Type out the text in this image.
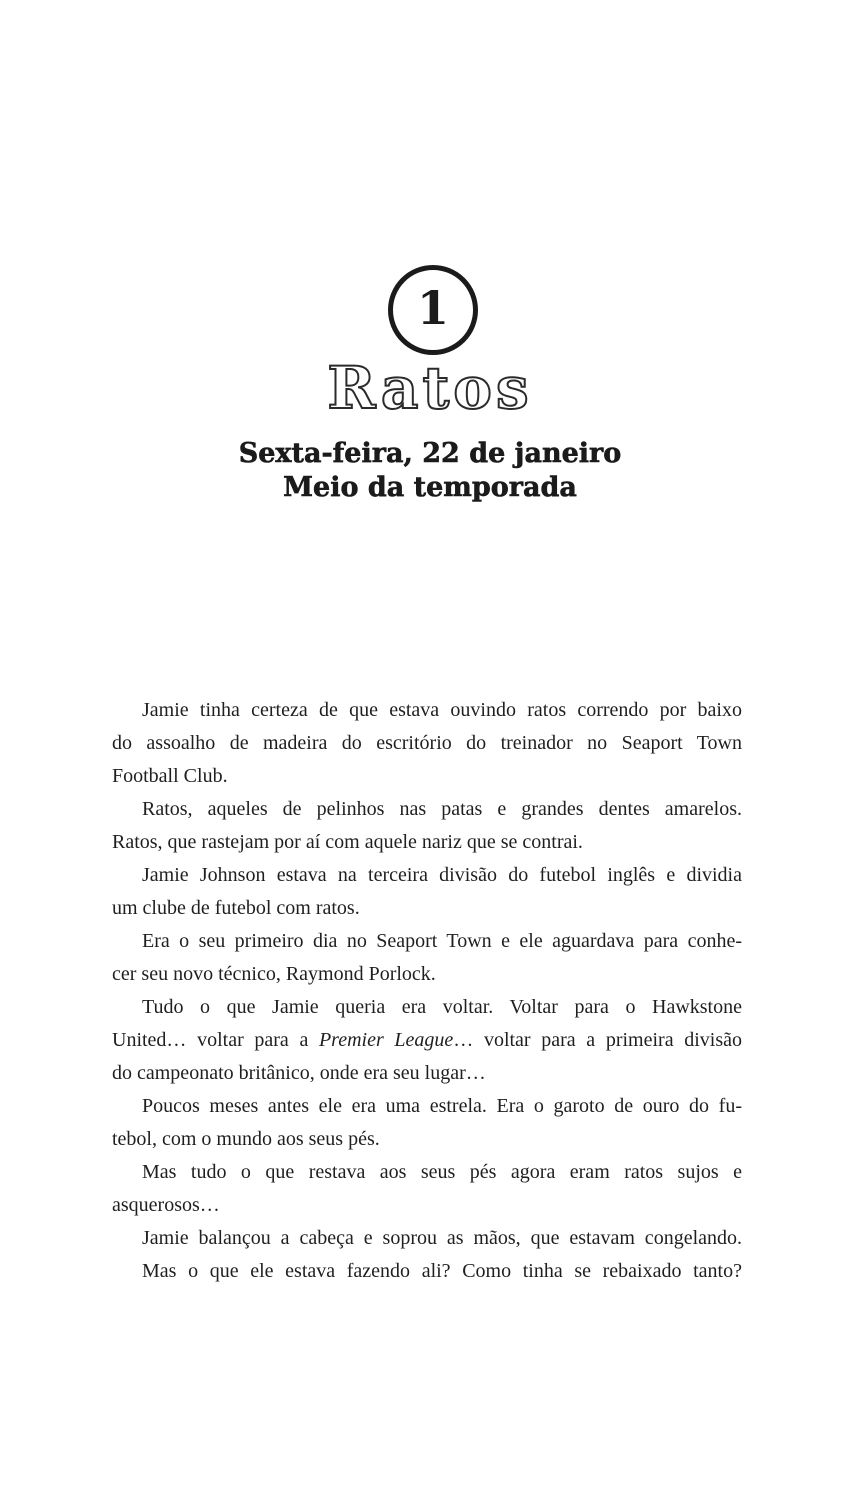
1
Ratos
Sexta-feira, 22 de janeiro
Meio da temporada
Jamie tinha certeza de que estava ouvindo ratos correndo por baixo
do assoalho de madeira do escritório do treinador no Seaport Town
Football Club.
Ratos, aqueles de pelinhos nas patas e grandes dentes amarelos.
Ratos, que rastejam por aí com aquele nariz que se contrai.
Jamie Johnson estava na terceira divisão do futebol inglês e dividia
um clube de futebol com ratos.
Era o seu primeiro dia no Seaport Town e ele aguardava para conhe-
cer seu novo técnico, Raymond Porlock.
Tudo o que Jamie queria era voltar. Voltar para o Hawkstone
United… voltar para a Premier League… voltar para a primeira divisão
do campeonato britânico, onde era seu lugar…
Poucos meses antes ele era uma estrela. Era o garoto de ouro do fu-
tebol, com o mundo aos seus pés.
Mas tudo o que restava aos seus pés agora eram ratos sujos e
asquerosos…
Jamie balançou a cabeça e soprou as mãos, que estavam congelando.
Mas o que ele estava fazendo ali? Como tinha se rebaixado tanto?
